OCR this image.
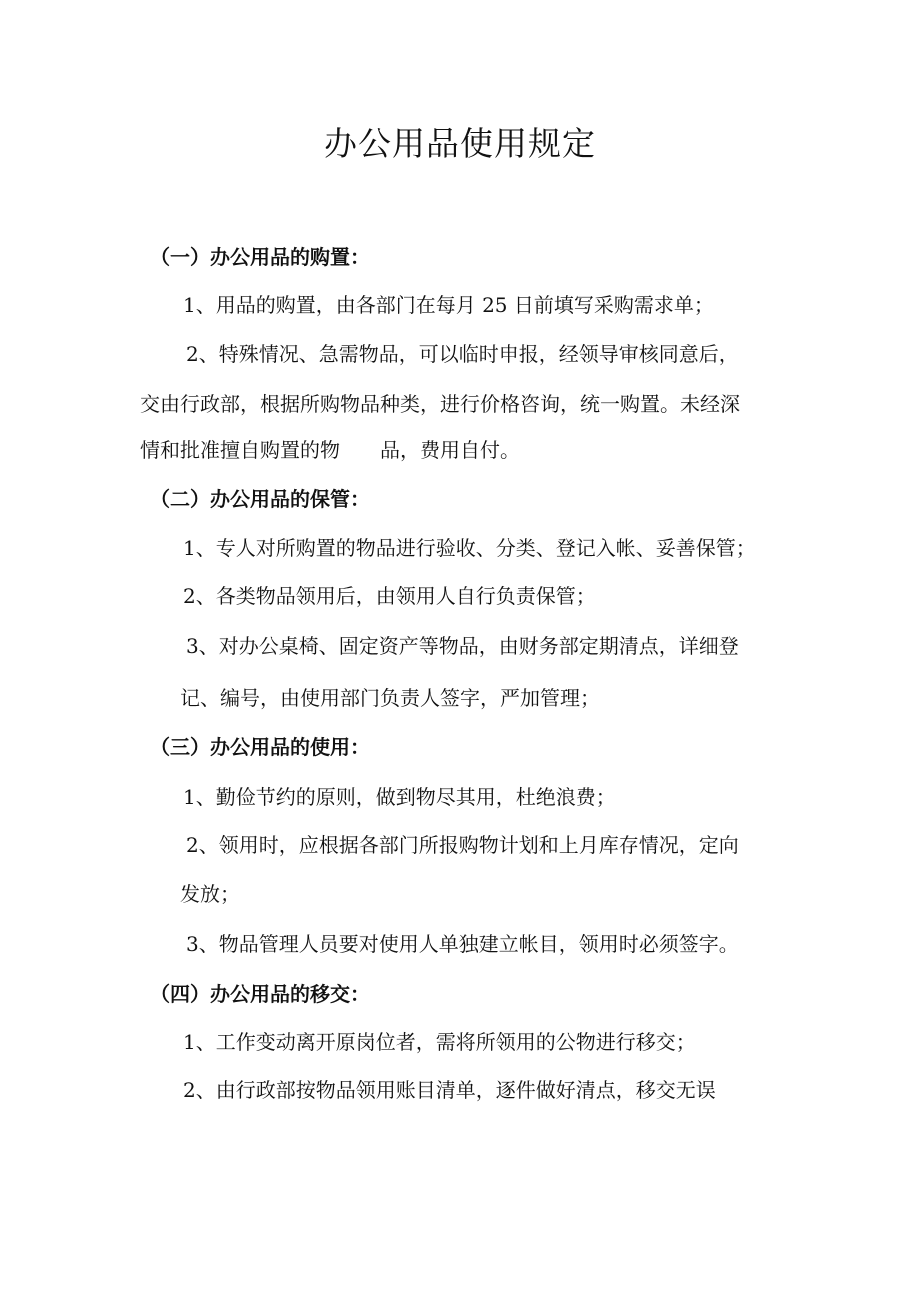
办公用品使用规定

（一）办公用品的购置：

1、用品的购置，由各部门在每月 25 日前填写采购需求单；

2、特殊情况、急需物品，可以临时申报，经领导审核同意后，

交由行政部，根据所购物品种类，进行价格咨询，统一购置。未经深

情和批准擅自购置的物　　品，费用自付。

（二）办公用品的保管：

1、专人对所购置的物品进行验收、分类、登记入帐、妥善保管；

2、各类物品领用后，由领用人自行负责保管；

3、对办公桌椅、固定资产等物品，由财务部定期清点，详细登

记、编号，由使用部门负责人签字，严加管理；

（三）办公用品的使用：

1、勤俭节约的原则，做到物尽其用，杜绝浪费；

2、领用时，应根据各部门所报购物计划和上月库存情况，定向

发放；

3、物品管理人员要对使用人单独建立帐目，领用时必须签字。

（四）办公用品的移交：

1、工作变动离开原岗位者，需将所领用的公物进行移交；

2、由行政部按物品领用账目清单，逐件做好清点，移交无误
